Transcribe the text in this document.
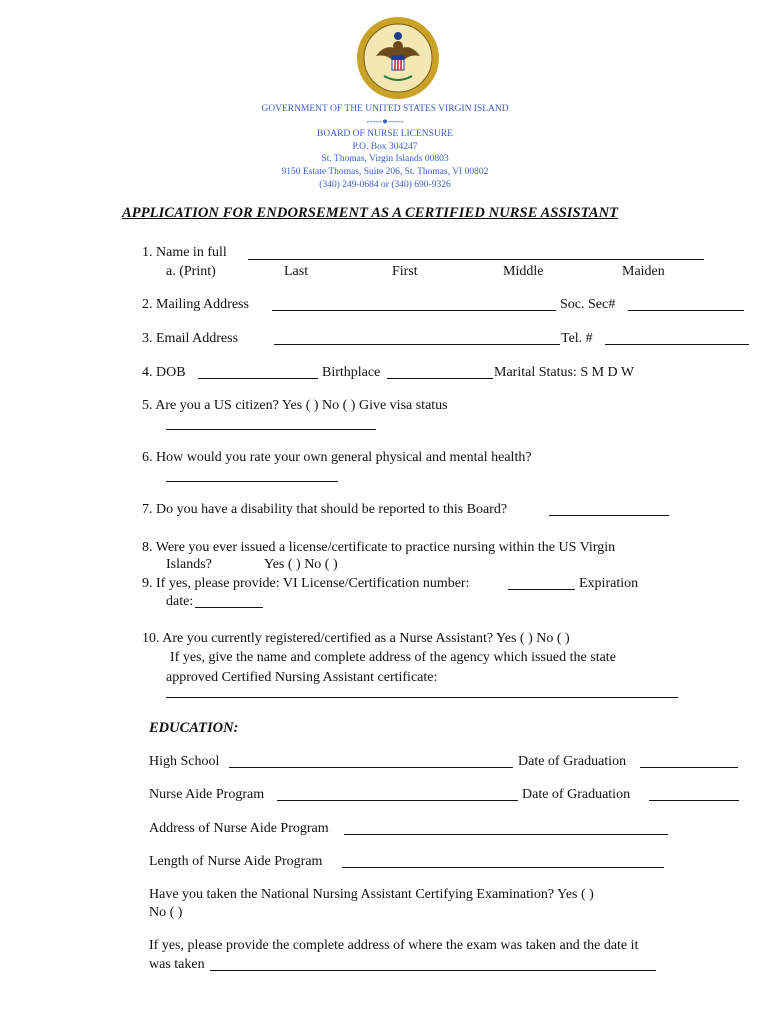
GOVERNMENT OF THE UNITED STATES VIRGIN ISLAND
-----●-----
BOARD OF NURSE LICENSURE
P.O. Box 304247
St. Thomas, Virgin Islands 00803
9150 Estate Thomas, Suite 206, St. Thomas, VI 00802
(340) 249-0684 or (340) 690-9326
APPLICATION FOR ENDORSEMENT AS A CERTIFIED NURSE ASSISTANT
1. Name in full
a. (Print)	Last	First	Middle	Maiden
2. Mailing Address	Soc. Sec#
3. Email Address	Tel. #
4. DOB	Birthplace	Marital Status: S M D W
5. Are you a US citizen? Yes ( ) No ( ) Give visa status
6. How would you rate your own general physical and mental health?
7. Do you have a disability that should be reported to this Board?
8. Were you ever issued a license/certificate to practice nursing within the US Virgin
Islands?	Yes ( ) No ( )
9. If yes, please provide: VI License/Certification number:	Expiration
date:
10. Are you currently registered/certified as a Nurse Assistant? Yes ( ) No ( )
If yes, give the name and complete address of the agency which issued the state
approved Certified Nursing Assistant certificate:
EDUCATION:
High School	Date of Graduation
Nurse Aide Program	Date of Graduation
Address of Nurse Aide Program
Length of Nurse Aide Program
Have you taken the National Nursing Assistant Certifying Examination? Yes ( )
No ( )
If yes, please provide the complete address of where the exam was taken and the date it
was taken
